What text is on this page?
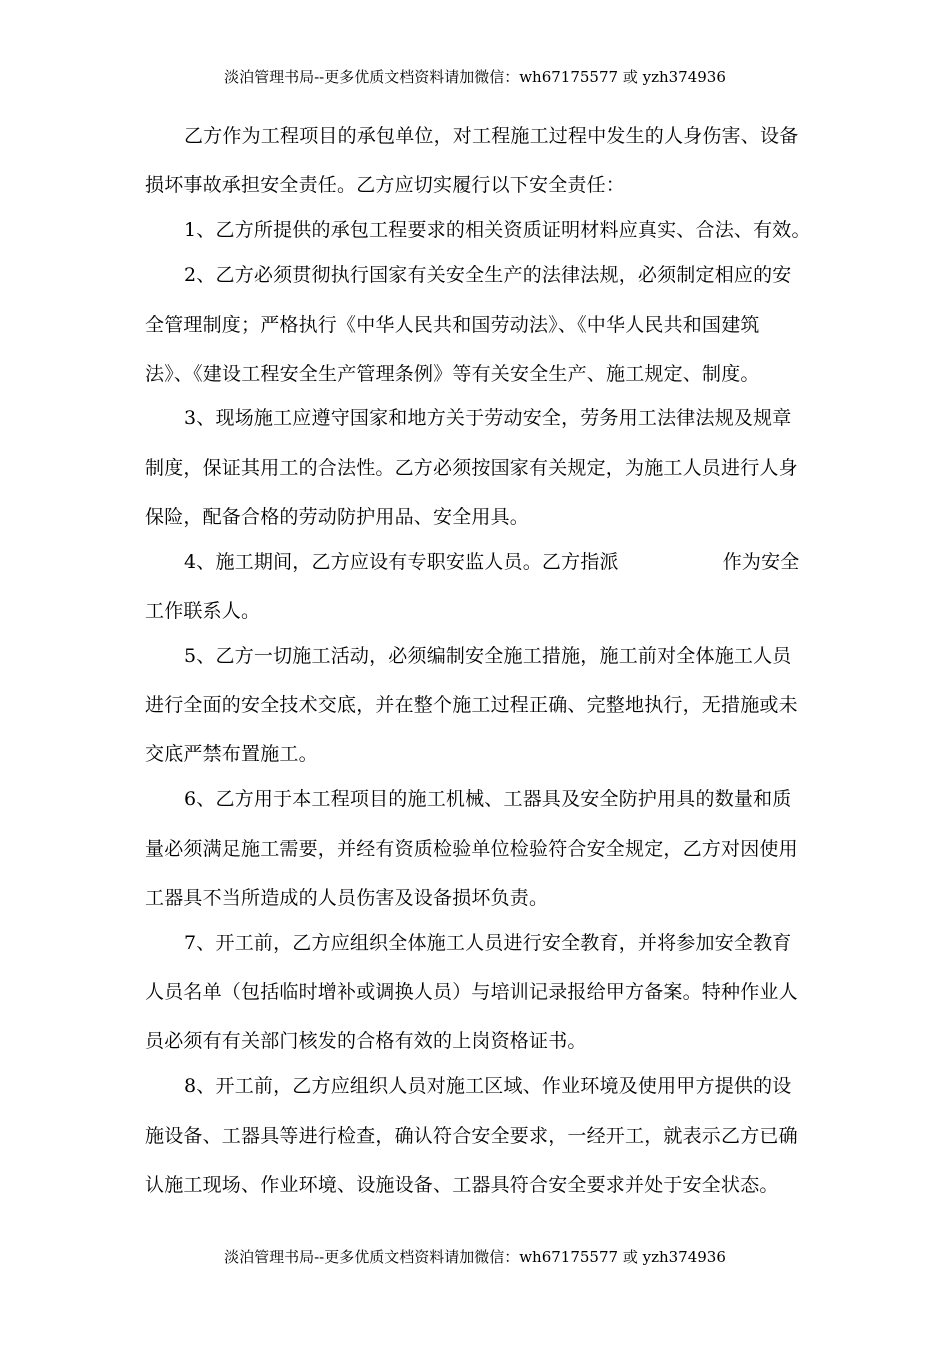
淡泊管理书局--更多优质文档资料请加微信：wh67175577 或 yzh374936
乙方作为工程项目的承包单位，对工程施工过程中发生的人身伤害、设备
损坏事故承担安全责任。乙方应切实履行以下安全责任：
1、乙方所提供的承包工程要求的相关资质证明材料应真实、合法、有效。
2、乙方必须贯彻执行国家有关安全生产的法律法规，必须制定相应的安
全管理制度；严格执行《中华人民共和国劳动法》、《中华人民共和国建筑
法》、《建设工程安全生产管理条例》等有关安全生产、施工规定、制度。
3、现场施工应遵守国家和地方关于劳动安全，劳务用工法律法规及规章
制度，保证其用工的合法性。乙方必须按国家有关规定，为施工人员进行人身
保险，配备合格的劳动防护用品、安全用具。
4、施工期间，乙方应设有专职安监人员。乙方指派	作为安全
工作联系人。
5、乙方一切施工活动，必须编制安全施工措施，施工前对全体施工人员
进行全面的安全技术交底，并在整个施工过程正确、完整地执行，无措施或未
交底严禁布置施工。
6、乙方用于本工程项目的施工机械、工器具及安全防护用具的数量和质
量必须满足施工需要，并经有资质检验单位检验符合安全规定，乙方对因使用
工器具不当所造成的人员伤害及设备损坏负责。
7、开工前，乙方应组织全体施工人员进行安全教育，并将参加安全教育
人员名单（包括临时增补或调换人员）与培训记录报给甲方备案。特种作业人
员必须有有关部门核发的合格有效的上岗资格证书。
8、开工前，乙方应组织人员对施工区域、作业环境及使用甲方提供的设
施设备、工器具等进行检查，确认符合安全要求，一经开工，就表示乙方已确
认施工现场、作业环境、设施设备、工器具符合安全要求并处于安全状态。
淡泊管理书局--更多优质文档资料请加微信：wh67175577 或 yzh374936
